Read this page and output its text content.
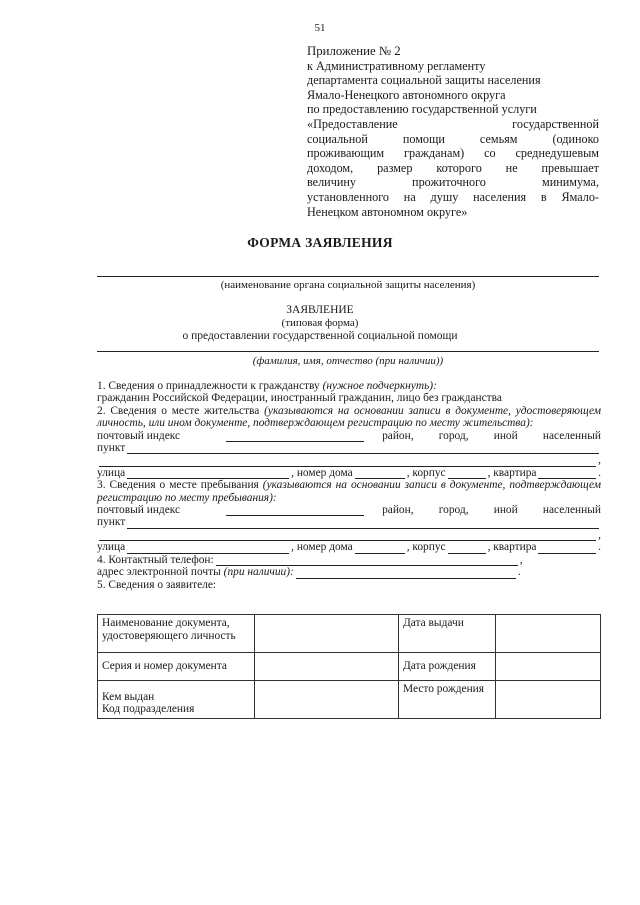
51
Приложение № 2
к Административному регламенту
департамента социальной защиты населения
Ямало-Ненецкого автономного округа
по предоставлению государственной услуги
«Предоставление государственной
социальной помощи семьям (одиноко
проживающим гражданам) со среднедушевым
доходом, размер которого не превышает
величину прожиточного минимума,
установленного на душу населения в Ямало-
Ненецком автономном округе»
ФОРМА ЗАЯВЛЕНИЯ
(наименование органа социальной защиты населения)
ЗАЯВЛЕНИЕ
(типовая форма)
о предоставлении государственной социальной помощи
(фамилия, имя, отчество (при наличии))
1. Сведения о принадлежности к гражданству (нужное подчеркнуть):
гражданин Российской Федерации, иностранный гражданин, лицо без гражданства
2. Сведения о месте жительства (указываются на основании записи в документе, удостоверяющем личность, или ином документе, подтверждающем регистрацию по месту жительства):
почтовый индекс	район, город, иной населенный
пункт
,
улица	, номер дома	, корпус	, квартира	.
3. Сведения о месте пребывания (указываются на основании записи в документе, подтверждающем регистрацию по месту пребывания):
почтовый индекс	район, город, иной населенный
пункт
,
улица	, номер дома	, корпус	, квартира	.
4. Контактный телефон:	,
адрес электронной почты
(при наличии):	.
5. Сведения о заявителе:
Наименование документа, удостоверяющего личность		Дата выдачи	
Серия и номер документа		Дата рождения	

Кем выдан
Код подразделения		Место рождения	
